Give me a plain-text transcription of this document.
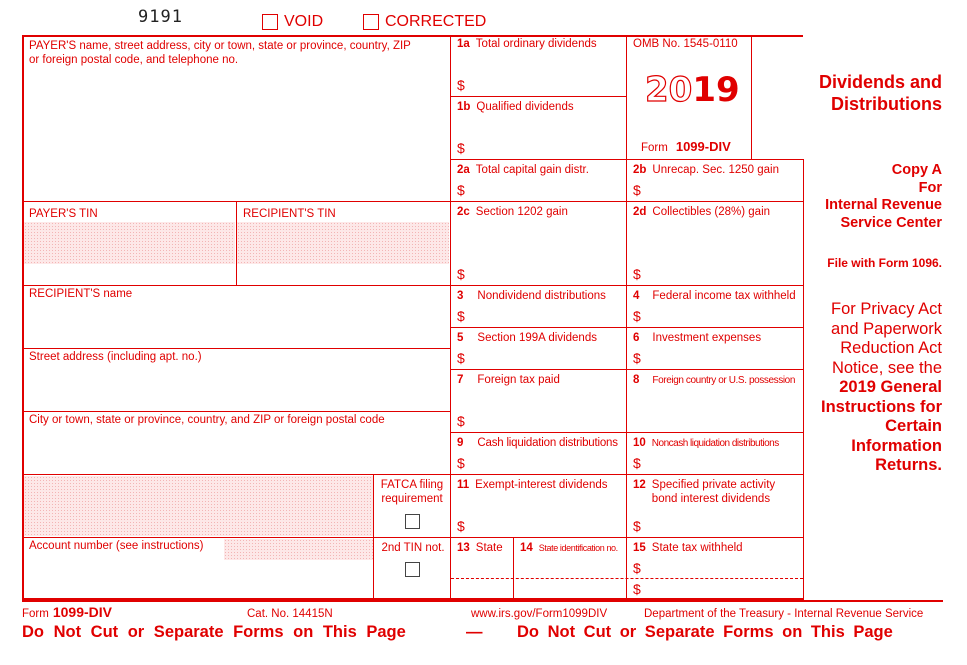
9191	VOID	CORRECTED
PAYER'S name, street address, city or town, state or province, country, ZIP
or foreign postal code, and telephone no.
PAYER'S TIN	RECIPIENT'S TIN
RECIPIENT'S name
Street address (including apt. no.)
City or town, state or province, country, and ZIP or foreign postal code
FATCA filing
requirement
Account number (see instructions)	2nd TIN not.
1a Total ordinary dividends
$
1b Qualified dividends
$
2a Total capital gain distr.
$
2b Unrecap. Sec. 1250 gain
$
2c Section 1202 gain
$
2d Collectibles (28%) gain
$
3 Nondividend distributions
$
4 Federal income tax withheld
$
5 Section 199A dividends
$
6 Investment expenses
$
7 Foreign tax paid
$
8 Foreign country or U.S. possession
9 Cash liquidation distributions
$
10 Noncash liquidation distributions
$
11 Exempt-interest dividends
$
12 Specified private activity
bond interest dividends
$
13 State 14 State identification no. 15 State tax withheld
$
$
OMB No. 1545-0110
2019
Form 1099-DIV
Dividends and
Distributions
Copy A
For
Internal Revenue
Service Center
File with Form 1096.
For Privacy Act
and Paperwork
Reduction Act
Notice, see the
2019 General
Instructions for
Certain
Information
Returns.
Form 1099-DIV	Cat. No. 14415N	www.irs.gov/Form1099DIV	Department of the Treasury - Internal Revenue Service
Do Not Cut or Separate Forms on This Page	— Do Not Cut or Separate Forms on This Page
